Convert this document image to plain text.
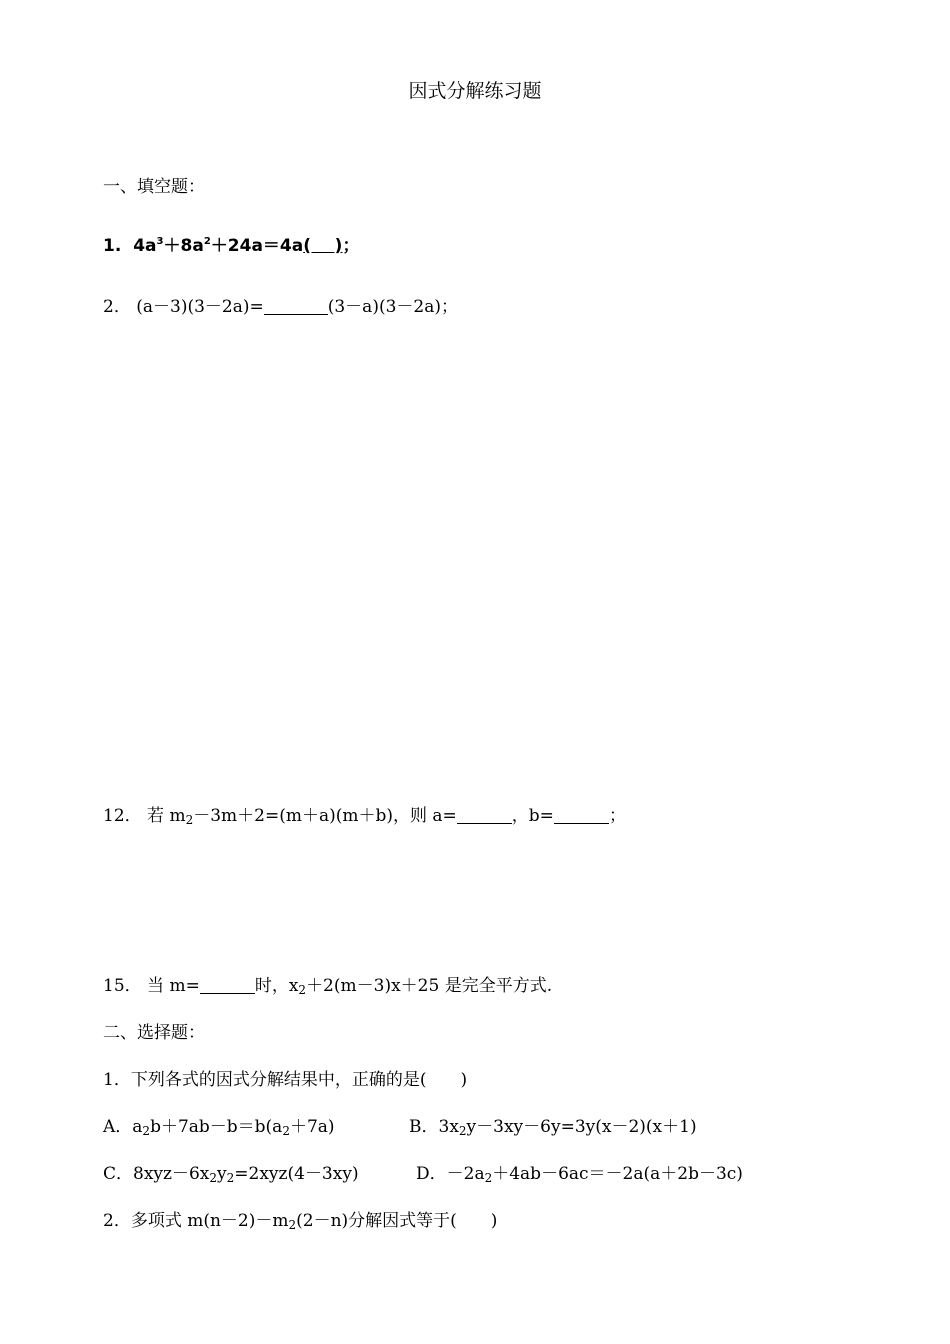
因式分解练习题
一、填空题：
1. $4a^3+8a^2+24a=4a$(    )；
2． (a－3)(3－2a)=	(3－a)(3－2a)；
12． 若 $m_2-3m+2=(m+a)(m+b)$，则 a=	，b=	；
15． 当 m=	时，$x_2+2(m-3)x+25$ 是完全平方式.
二、选择题：
1．下列各式的因式分解结果中，正确的是(　　)
A．$a_2b+7ab-b=b(a_2+7a)$	B．$3x_2y-3xy-6y=3y(x-2)(x+1)$
C．$8xyz-6x_2y_2=2xyz(4-3xy)$	D．$-2a_2+4ab-6ac=-2a(a+2b-3c)$
2．多项式 $m(n-2)-m_2(2-n)$分解因式等于(　　)
